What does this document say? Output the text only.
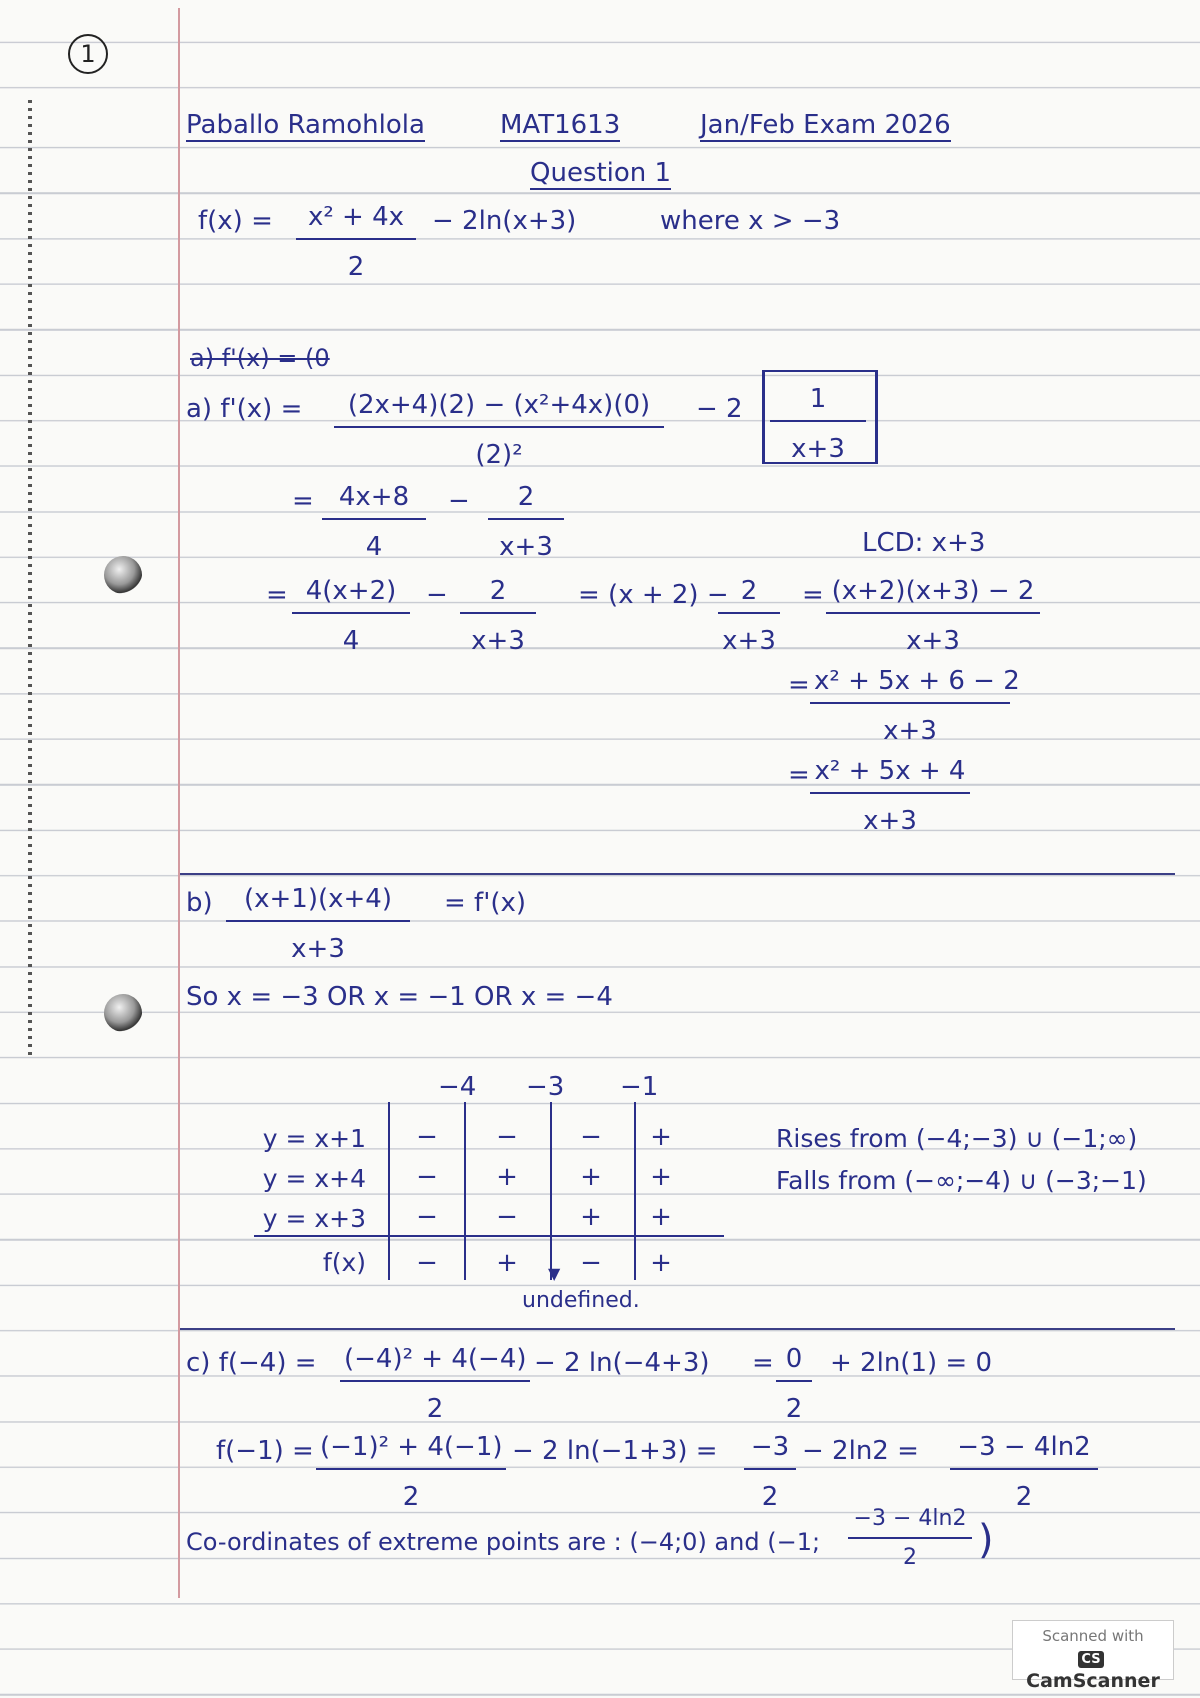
1
Paballo Ramohlola	MAT1613	Jan/Feb Exam 2026
Question 1
$f(x) = \frac{\text{x² + 4x}}{2} - 2\ln(x+3)$	where x > −3
a) f'(x) = (0
a) $f'(x) = \frac{\text{(2x+4)(2) − (x²+4x)(0)}}{\text{(2)²}} - 2 \frac{1}{x+3}$
= $\frac{4x+8}{4} - \frac{2}{x+3}$	LCD: x+3
= $\frac{4(x+2)}{4} - \frac{2}{x+3} = (x + 2)$ −
$\frac{2}{x+3} = \frac{(x+2)(x+3) - 2}{x+3}$
= $\frac{\text{x² + 5x + 6 − 2}}{x+3}$
= $\frac{\text{x² + 5x + 4}}{x+3}$
$b) \frac{(x+1)(x+4)}{x+3} = f'(x)$
So x = −3 OR x = −1 OR x = −4
−4 −3 −1
y = x+1	−	−	−	+
y = x+4	−	+	+	+
y = x+3	−	−	+	+
f(x)	−	+	−	+
▼
undefined.
Rises from (−4;−3) ∪ (−1;∞)
Falls from (−∞;−4) ∪ (−3;−1)
c) $f(-4) = \frac{\text{(−4)² + 4(−4)}}{2} - 2$ $\ln(-4+3) = \frac{0}{2} + 2\ln(1) = 0$
$f(-1) = \frac{\text{(−1)² + 4(−1)}}{2} - 2$ $\ln(-1+3) = \frac{-3}{2} - 2\ln 2 = \frac{-3 - 4\ln 2}{2}$
Co-ordinates of extreme points are : (−4;0) and (−1; $\frac{-3 - 4\ln 2}{2}$ )
Scanned with
CSCamScanner
